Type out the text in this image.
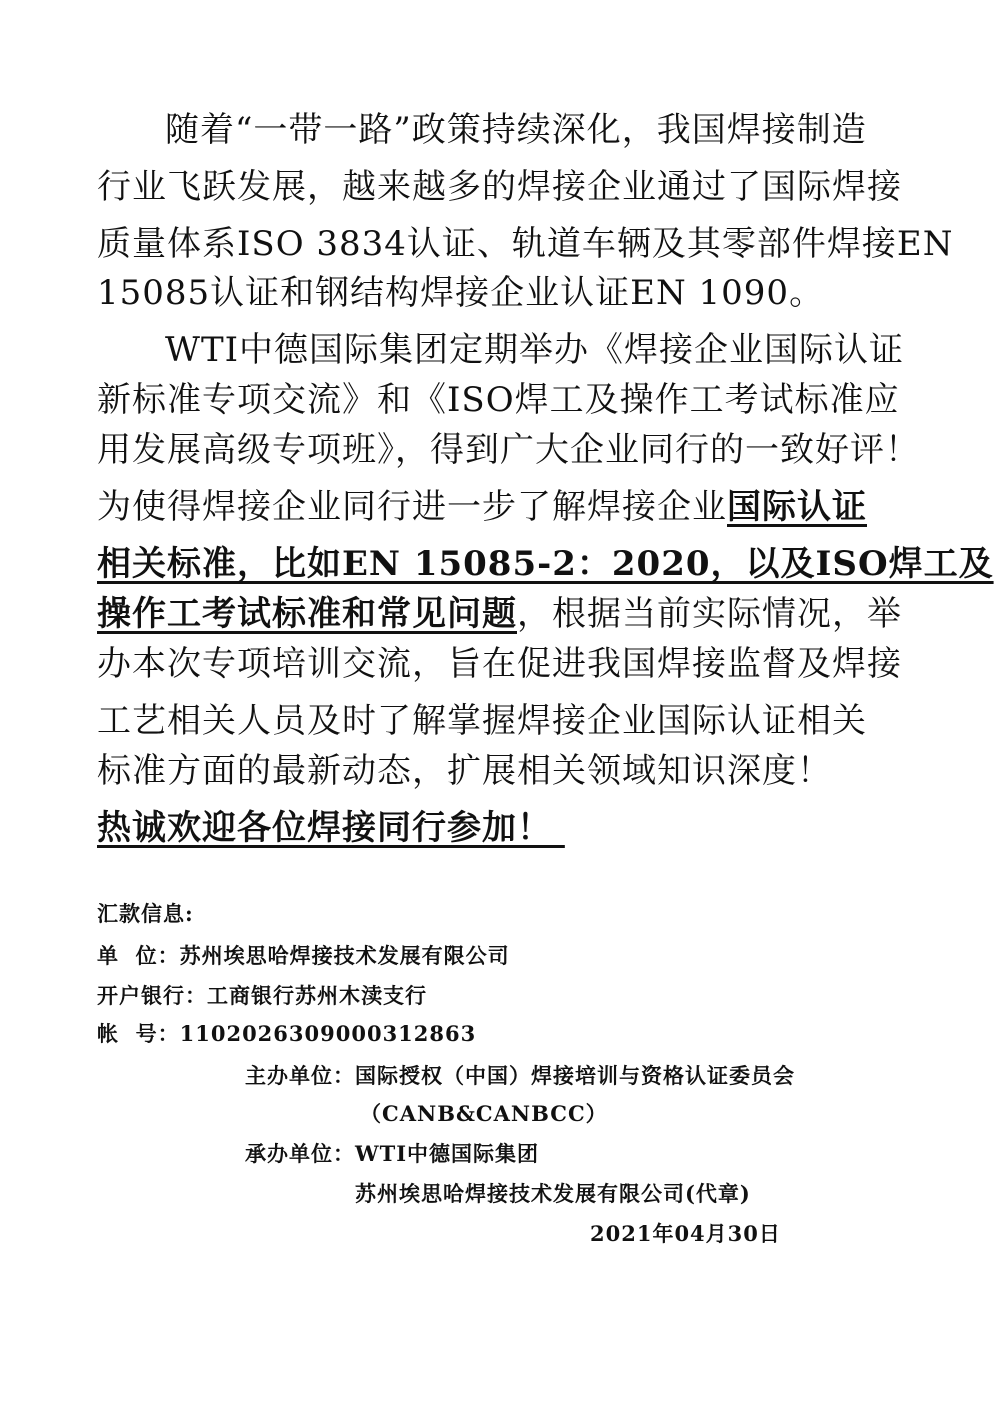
随着“一带一路”政策持续深化，我国焊接制造
行业飞跃发展，越来越多的焊接企业通过了国际焊接
质量体系ISO 3834认证、轨道车辆及其零部件焊接EN
15085认证和钢结构焊接企业认证EN 1090。
WTI中德国际集团定期举办《焊接企业国际认证
新标准专项交流》和《ISO焊工及操作工考试标准应
用发展高级专项班》，得到广大企业同行的一致好评！
为使得焊接企业同行进一步了解焊接企业国际认证
相关标准，比如EN 15085-2：2020，以及ISO焊工及
操作工考试标准和常见问题，根据当前实际情况，举
办本次专项培训交流，旨在促进我国焊接监督及焊接
工艺相关人员及时了解掌握焊接企业国际认证相关
标准方面的最新动态，扩展相关领域知识深度！
热诚欢迎各位焊接同行参加！
汇款信息:
单  位：苏州埃思哈焊接技术发展有限公司
开户银行：工商银行苏州木渎支行
帐  号：1102026309000312863
主办单位：国际授权（中国）焊接培训与资格认证委员会
（CANB&CANBCC）
承办单位：WTI中德国际集团
苏州埃思哈焊接技术发展有限公司(代章)
2021年04月30日
